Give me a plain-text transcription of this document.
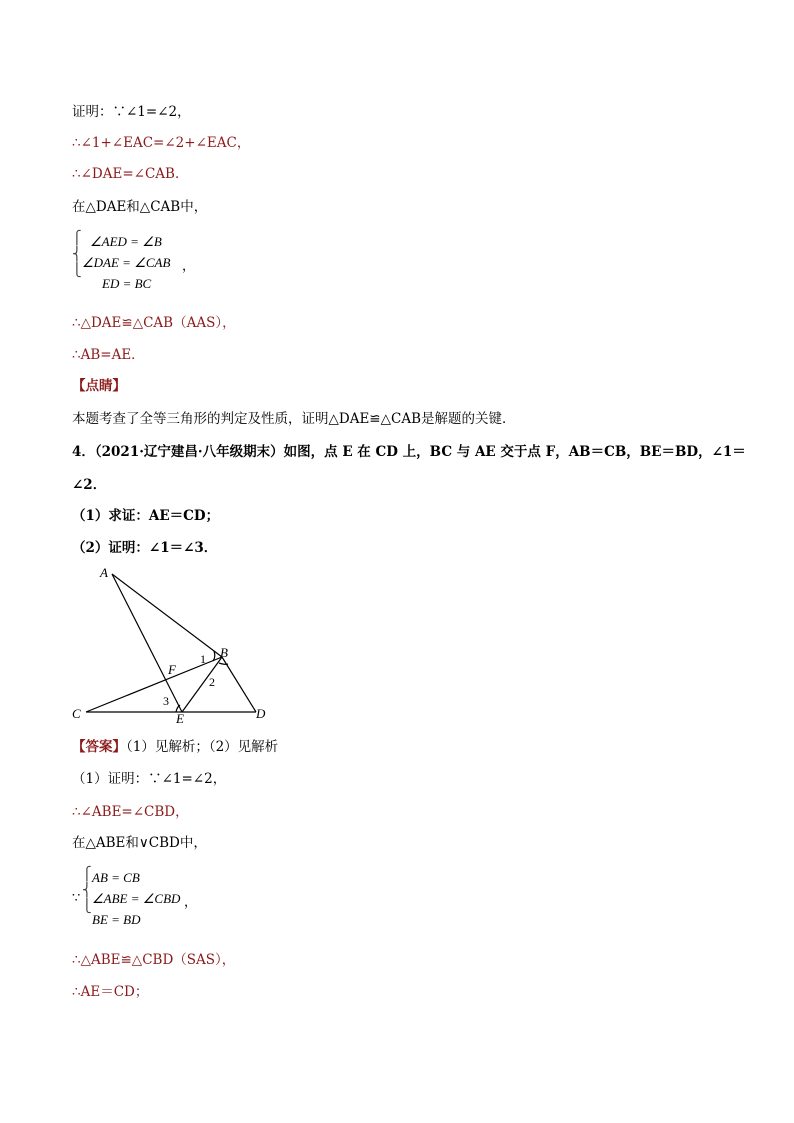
证明：∵∠1=∠2，
∴∠1+∠EAC=∠2+∠EAC，
∴∠DAE=∠CAB．
在△DAE和△CAB中，
⎧
⎨
⎩
∠AED = ∠B
∠DAE = ∠CAB ，
ED = BC
∴△DAE≌△CAB（AAS），
∴AB=AE．
【点睛】
本题考查了全等三角形的判定及性质，证明△DAE≌△CAB是解题的关键．
4．（2021·辽宁建昌·八年级期末）如图，点 E 在 CD 上，BC 与 AE 交于点 F，AB＝CB，BE＝BD，∠1＝
∠2．
（1）求证：AE＝CD；
（2）证明：∠1＝∠3．
A
B
C	D
E
F
1
2
3
【答案】（1）见解析；（2）见解析
（1）证明：∵∠1=∠2，
∴∠ABE=∠CBD，
在△ABE和∨CBD中，
∵
⎧
⎨
⎩
AB = CB
∠ABE = ∠CBD ，
BE = BD
∴△ABE≌△CBD（SAS），
∴AE＝CD；
